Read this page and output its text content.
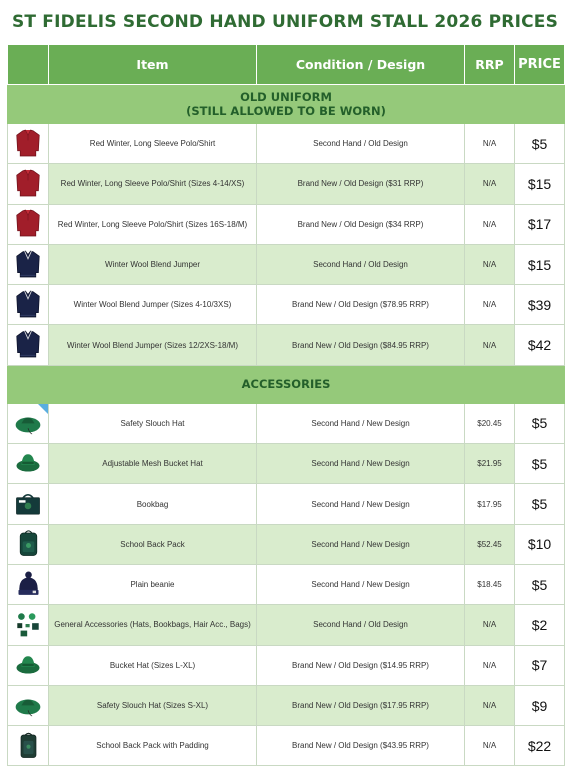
ST FIDELIS SECOND HAND UNIFORM STALL 2026 PRICES
	Item	Condition / Design	RRP	PRICE

OLD UNIFORM
(STILL ALLOWED TO BE WORN)				

	Red Winter, Long Sleeve Polo/Shirt	Second Hand / Old Design	N/A	$5

	Red Winter, Long Sleeve Polo/Shirt (Sizes 4-14/XS)	Brand New / Old Design ($31 RRP)	N/A	$15

	Red Winter, Long Sleeve Polo/Shirt (Sizes 16S-18/M)	Brand New / Old Design ($34 RRP)	N/A	$17

	Winter Wool Blend Jumper	Second Hand / Old Design	N/A	$15

	Winter Wool Blend Jumper (Sizes 4-10/3XS)	Brand New / Old Design ($78.95 RRP)	N/A	$39

	Winter Wool Blend Jumper (Sizes 12/2XS-18/M)	Brand New / Old Design ($84.95 RRP)	N/A	$42

ACCESSORIES				

	Safety Slouch Hat	Second Hand / New Design	$20.45	$5

	Adjustable Mesh Bucket Hat	Second Hand / New Design	$21.95	$5

	Bookbag	Second Hand / New Design	$17.95	$5

	School Back Pack	Second Hand / New Design	$52.45	$10

	Plain beanie	Second Hand / New Design	$18.45	$5

	General Accessories (Hats, Bookbags, Hair Acc., Bags)	Second Hand / Old Design	N/A	$2

	Bucket Hat (Sizes L-XL)	Brand New / Old Design ($14.95 RRP)	N/A	$7

	Safety Slouch Hat (Sizes S-XL)	Brand New / Old Design ($17.95 RRP)	N/A	$9

	School Back Pack with Padding	Brand New / Old Design ($43.95 RRP)	N/A	$22
